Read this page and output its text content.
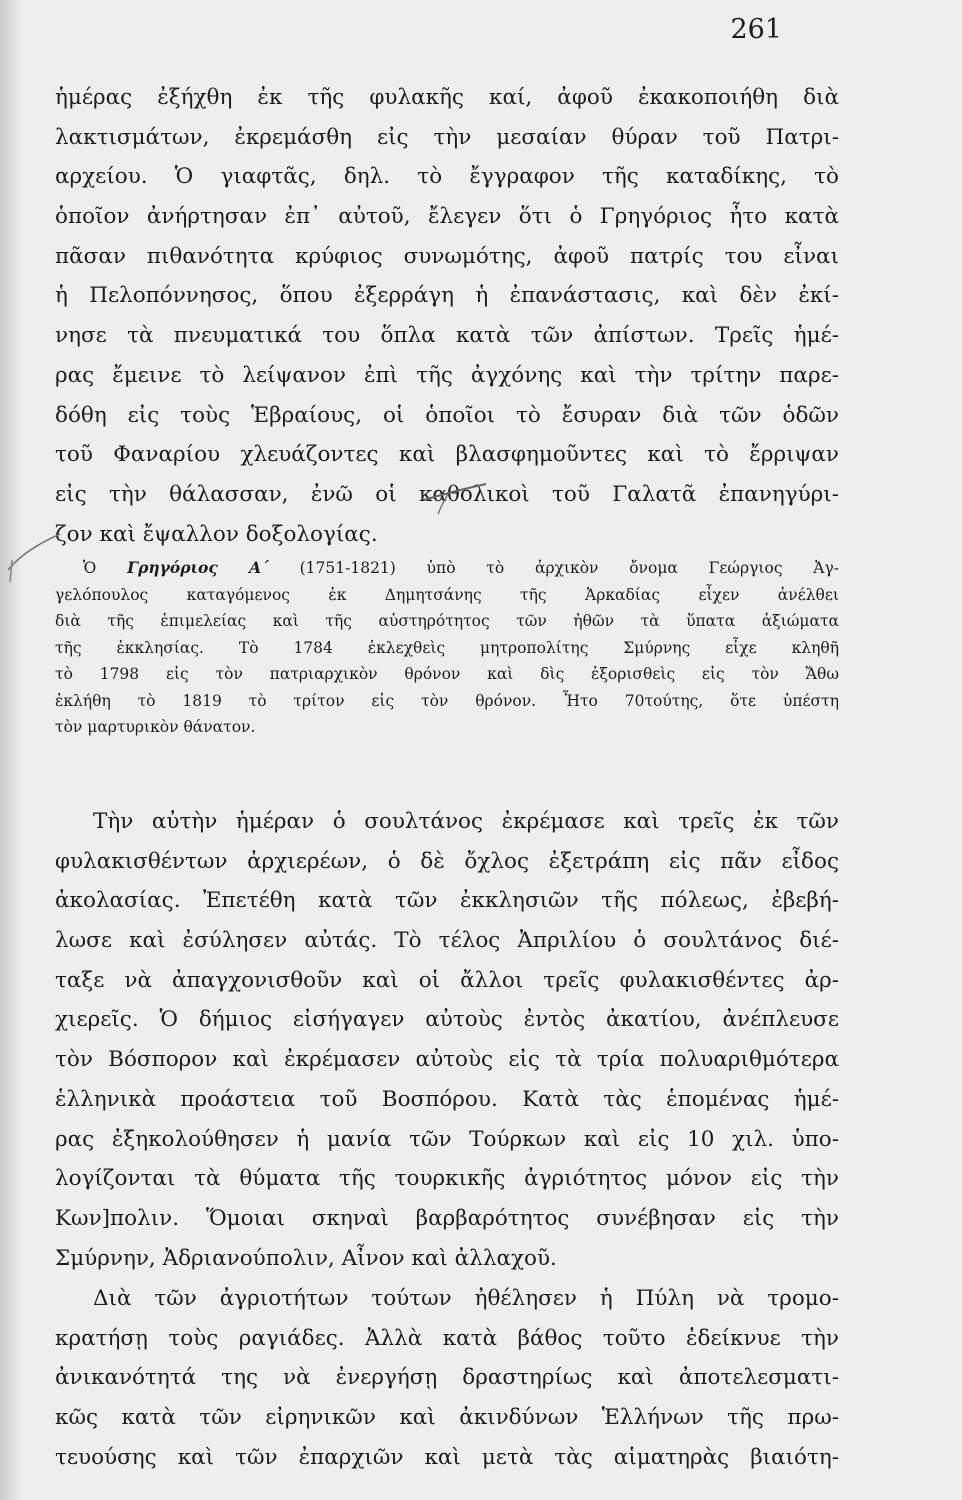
261
ἡμέρας ἐξήχθη ἐκ τῆς φυλακῆς καί, ἀφοῦ ἐκακοποιήθη διὰ
λακτισμάτων, ἐκρεμάσθη εἰς τὴν μεσαίαν θύραν τοῦ Πατρι-
αρχείου. Ὁ γιαφτᾶς, δηλ. τὸ ἔγγραφον τῆς καταδίκης, τὸ
ὁποῖον ἀνήρτησαν ἐπ᾽ αὐτοῦ, ἔλεγεν ὅτι ὁ Γρηγόριος ἦτο κατὰ
πᾶσαν πιθανότητα κρύφιος συνωμότης, ἀφοῦ πατρίς του εἶναι
ἡ Πελοπόννησος, ὅπου ἐξερράγη ἡ ἐπανάστασις, καὶ δὲν ἐκί-
νησε τὰ πνευματικά του ὅπλα κατὰ τῶν ἀπίστων. Τρεῖς ἡμέ-
ρας ἔμεινε τὸ λείψανον ἐπὶ τῆς ἀγχόνης καὶ τὴν τρίτην παρε-
δόθη εἰς τοὺς Ἑβραίους, οἱ ὁποῖοι τὸ ἔσυραν διὰ τῶν ὁδῶν
τοῦ Φαναρίου χλευάζοντες καὶ βλασφημοῦντες καὶ τὸ ἔρριψαν
εἰς τὴν θάλασσαν, ἐνῶ οἱ καθολικοὶ τοῦ Γαλατᾶ ἐπανηγύρι-
ζον καὶ ἔψαλλον δοξολογίας.
Ὁ Γρηγόριος Α΄ (1751-1821) ὑπὸ τὸ ἀρχικὸν ὄνομα Γεώργιος Ἀγ-
γελόπουλος καταγόμενος ἐκ Δημητσάνης τῆς Ἀρκαδίας εἶχεν ἀνέλθει
διὰ τῆς ἐπιμελείας καὶ τῆς αὐστηρότητος τῶν ἠθῶν τὰ ὕπατα ἀξιώματα
τῆς ἐκκλησίας. Τὸ 1784 ἐκλεχθεὶς μητροπολίτης Σμύρνης εἶχε κληθῆ
τὸ 1798 εἰς τὸν πατριαρχικὸν θρόνον καὶ δὶς ἐξορισθεὶς εἰς τὸν Ἄθω
ἐκλήθη τὸ 1819 τὸ τρίτον εἰς τὸν θρόνον. Ἦτο 70τούτης, ὅτε ὑπέστη
τὸν μαρτυρικὸν θάνατον.
Τὴν αὐτὴν ἡμέραν ὁ σουλτάνος ἐκρέμασε καὶ τρεῖς ἐκ τῶν
φυλακισθέντων ἀρχιερέων, ὁ δὲ ὄχλος ἐξετράπη εἰς πᾶν εἶδος
ἀκολασίας. Ἐπετέθη κατὰ τῶν ἐκκλησιῶν τῆς πόλεως, ἐβεβή-
λωσε καὶ ἐσύλησεν αὐτάς. Τὸ τέλος Ἀπριλίου ὁ σουλτάνος διέ-
ταξε νὰ ἀπαγχονισθοῦν καὶ οἱ ἄλλοι τρεῖς φυλακισθέντες ἀρ-
χιερεῖς. Ὁ δήμιος εἰσήγαγεν αὐτοὺς ἐντὸς ἀκατίου, ἀνέπλευσε
τὸν Βόσπορον καὶ ἐκρέμασεν αὐτοὺς εἰς τὰ τρία πολυαριθμότερα
ἑλληνικὰ προάστεια τοῦ Βοσπόρου. Κατὰ τὰς ἑπομένας ἡμέ-
ρας ἐξηκολούθησεν ἡ μανία τῶν Τούρκων καὶ εἰς 10 χιλ. ὑπο-
λογίζονται τὰ θύματα τῆς τουρκικῆς ἀγριότητος μόνον εἰς τὴν
Κων]πολιν. Ὅμοιαι σκηναὶ βαρβαρότητος συνέβησαν εἰς τὴν
Σμύρνην, Ἀδριανούπολιν, Αἶνον καὶ ἀλλαχοῦ.
Διὰ τῶν ἀγριοτήτων τούτων ἠθέλησεν ἡ Πύλη νὰ τρομο-
κρατήσῃ τοὺς ραγιάδες. Ἀλλὰ κατὰ βάθος τοῦτο ἐδείκνυε τὴν
ἀνικανότητά της νὰ ἐνεργήσῃ δραστηρίως καὶ ἀποτελεσματι-
κῶς κατὰ τῶν εἰρηνικῶν καὶ ἀκινδύνων Ἑλλήνων τῆς πρω-
τευούσης καὶ τῶν ἐπαρχιῶν καὶ μετὰ τὰς αἱματηρὰς βιαιότη-
